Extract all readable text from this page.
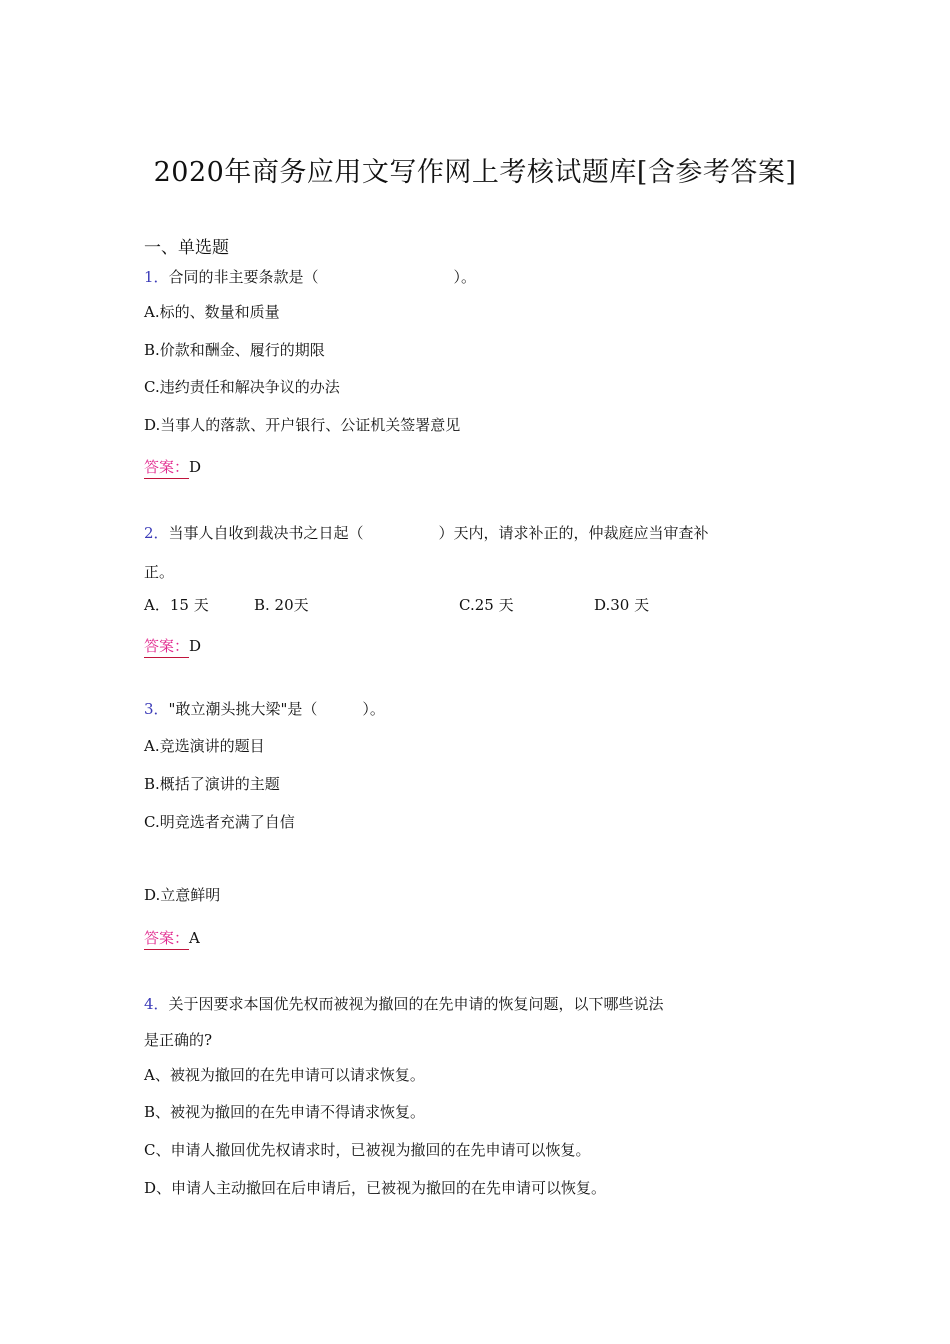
2020年商务应用文写作网上考核试题库[含参考答案]
一、单选题
1．合同的非主要条款是（　　　　　　　　　）。
A.标的、数量和质量
B.价款和酬金、履行的期限
C.违约责任和解决争议的办法
D.当事人的落款、开户银行、公证机关签署意见
答案：D
2．当事人自收到裁决书之日起（　　　　　）天内，请求补正的，仲裁庭应当审查补
正。
A．15 天	B. 20天	C.25 天	D.30 天
答案：D
3．"敢立潮头挑大梁"是（　　　）。
A.竞选演讲的题目
B.概括了演讲的主题
C.明竞选者充满了自信
D.立意鲜明
答案：A
4．关于因要求本国优先权而被视为撤回的在先申请的恢复问题，以下哪些说法
是正确的?
A、被视为撤回的在先申请可以请求恢复。
B、被视为撤回的在先申请不得请求恢复。
C、申请人撤回优先权请求时，已被视为撤回的在先申请可以恢复。
D、申请人主动撤回在后申请后，已被视为撤回的在先申请可以恢复。
